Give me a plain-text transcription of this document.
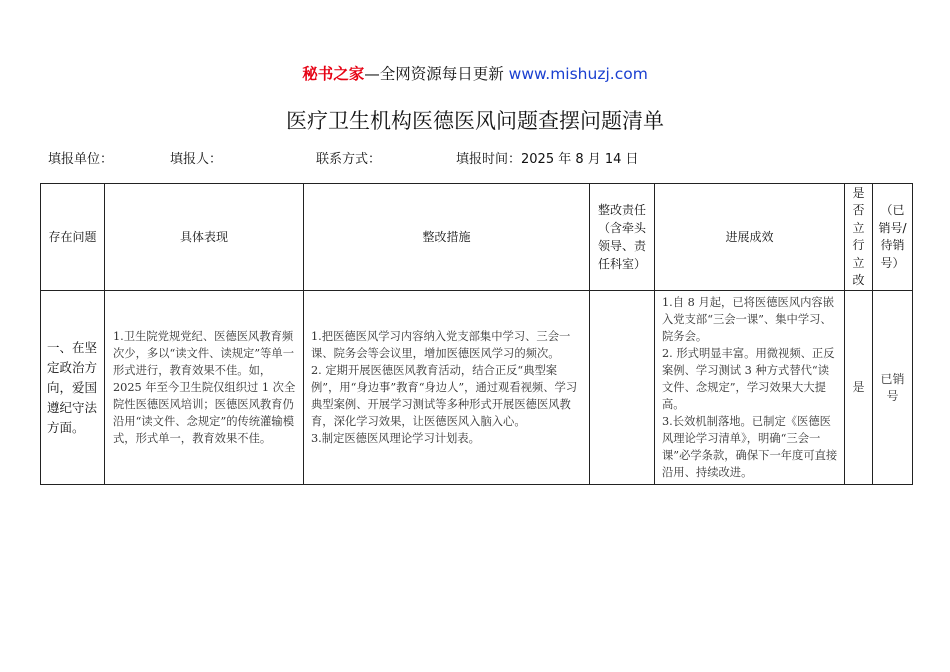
秘书之家—全网资源每日更新 www.mishuzj.com
医疗卫生机构医德医风问题查摆问题清单
填报单位：	填报人：	联系方式：	填报时间：2025 年 8 月 14 日
存在问题	具体表现	整改措施	整改责任（含牵头领导、责任科室）	进展成效	是否立行立改	（已销号/待销号）
一、在坚定政治方向，爱国遵纪守法方面。	1.卫生院党规党纪、医德医风教育频次少，多以“读文件、读规定”等单一形式进行，教育效果不佳。如，2025 年至今卫生院仅组织过 1 次全院性医德医风培训；医德医风教育仍沿用“读文件、念规定”的传统灌输模式，形式单一，教育效果不佳。	1.把医德医风学习内容纳入党支部集中学习、三会一课、院务会等会议里，增加医德医风学习的频次。
2. 定期开展医德医风教育活动，结合正反“典型案例”，用“身边事”教育“身边人”，通过观看视频、学习典型案例、开展学习测试等多种形式开展医德医风教育，深化学习效果，让医德医风入脑入心。
3.制定医德医风理论学习计划表。		1.自 8 月起，已将医德医风内容嵌入党支部“三会一课”、集中学习、院务会。
2. 形式明显丰富。用微视频、正反案例、学习测试 3 种方式替代“读文件、念规定”，学习效果大大提高。
3.长效机制落地。已制定《医德医风理论学习清单》，明确“三会一课”必学条款，确保下一年度可直接沿用、持续改进。	是	已销号
